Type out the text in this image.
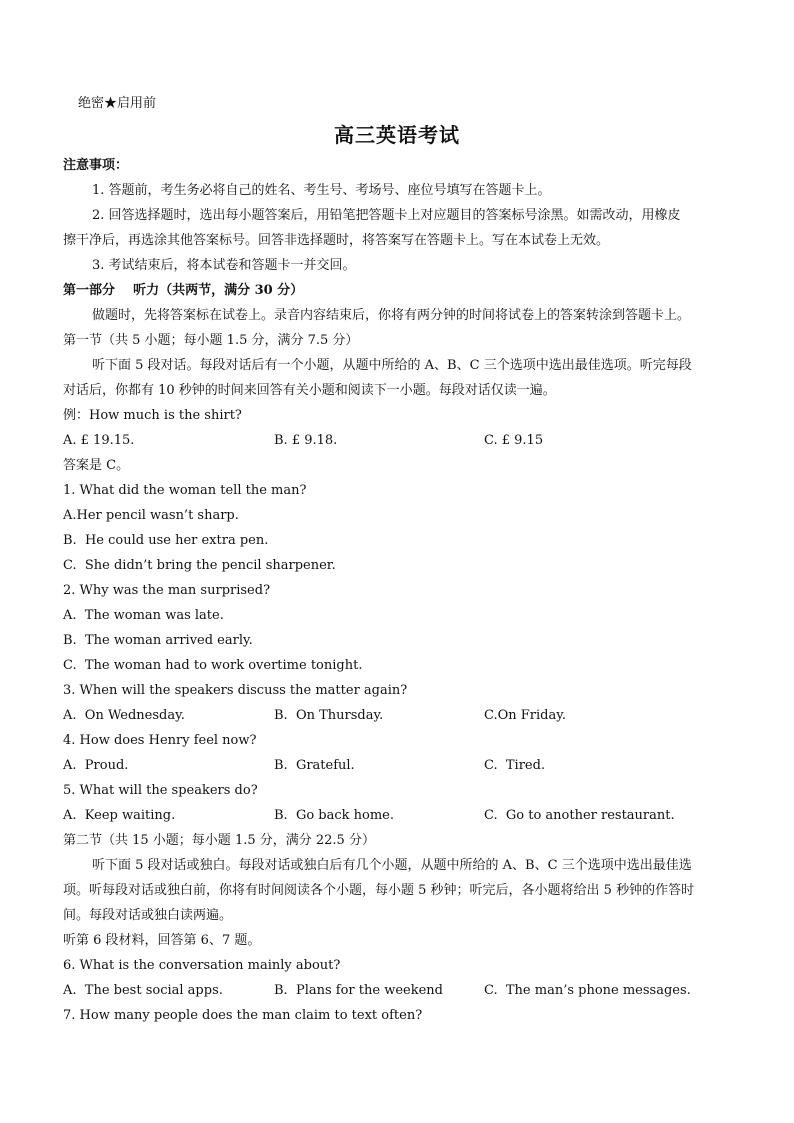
绝密★启用前
高三英语考试
注意事项：
1. 答题前，考生务必将自己的姓名、考生号、考场号、座位号填写在答题卡上。
2. 回答选择题时，选出每小题答案后，用铅笔把答题卡上对应题目的答案标号涂黑。如需改动，用橡皮
擦干净后，再选涂其他答案标号。回答非选择题时，将答案写在答题卡上。写在本试卷上无效。
3. 考试结束后，将本试卷和答题卡一并交回。
第一部分    听力（共两节，满分 30 分）
做题时，先将答案标在试卷上。录音内容结束后，你将有两分钟的时间将试卷上的答案转涂到答题卡上。
第一节（共 5 小题；每小题 1.5 分，满分 7.5 分）
听下面 5 段对话。每段对话后有一个小题，从题中所给的 A、B、C 三个选项中选出最佳选项。听完每段
对话后，你都有 10 秒钟的时间来回答有关小题和阅读下一小题。每段对话仅读一遍。
例：How much is the shirt?
A. £ 19.15.	B. £ 9.18.	C. £ 9.15
答案是 C。
1. What did the woman tell the man?
A.Her pencil wasn’t sharp.
B.  He could use her extra pen.
C.  She didn’t bring the pencil sharpener.
2. Why was the man surprised?
A.  The woman was late.
B.  The woman arrived early.
C.  The woman had to work overtime tonight.
3. When will the speakers discuss the matter again?
A.  On Wednesday.	B.  On Thursday.	C.On Friday.
4. How does Henry feel now?
A.  Proud.	B.  Grateful.	C.  Tired.
5. What will the speakers do?
A.  Keep waiting.	B.  Go back home.	C.  Go to another restaurant.
第二节（共 15 小题；每小题 1.5 分，满分 22.5 分）
听下面 5 段对话或独白。每段对话或独白后有几个小题，从题中所给的 A、B、C 三个选项中选出最佳选
项。听每段对话或独白前，你将有时间阅读各个小题，每小题 5 秒钟；听完后，各小题将给出 5 秒钟的作答时
间。每段对话或独白读两遍。
听第 6 段材料，回答第 6、7 题。
6. What is the conversation mainly about?
A.  The best social apps.	B.  Plans for the weekend	C.  The man’s phone messages.
7. How many people does the man claim to text often?
